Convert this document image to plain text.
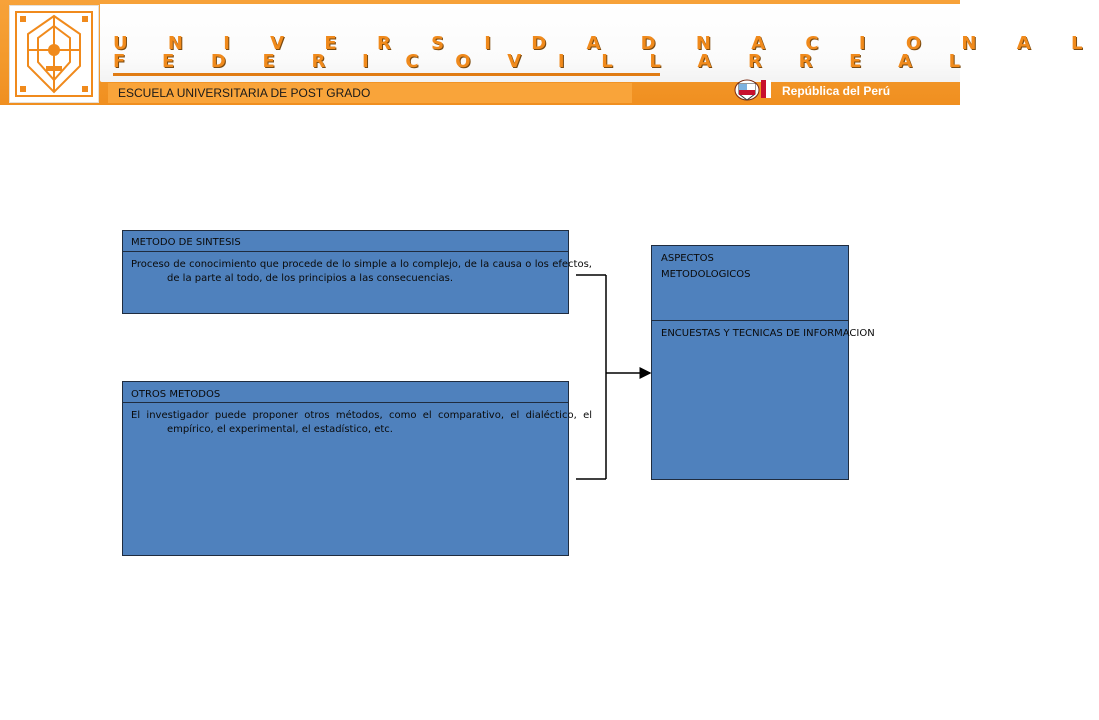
U N I V E R S I D A D N A C I O N A L
F E D E R I C O V I L L A R R E A L
ESCUELA UNIVERSITARIA DE POST GRADO	República del Perú
METODO DE SINTESIS
Proceso de conocimiento que procede de lo simple a lo complejo, de la causa o los efectos, de la parte al todo, de los principios a las consecuencias.
OTROS METODOS
El investigador puede proponer otros métodos, como el comparativo, el dialéctico, el empírico, el experimental, el estadístico, etc.
ASPECTOS METODOLOGICOS
ENCUESTAS Y TECNICAS DE INFORMACION
